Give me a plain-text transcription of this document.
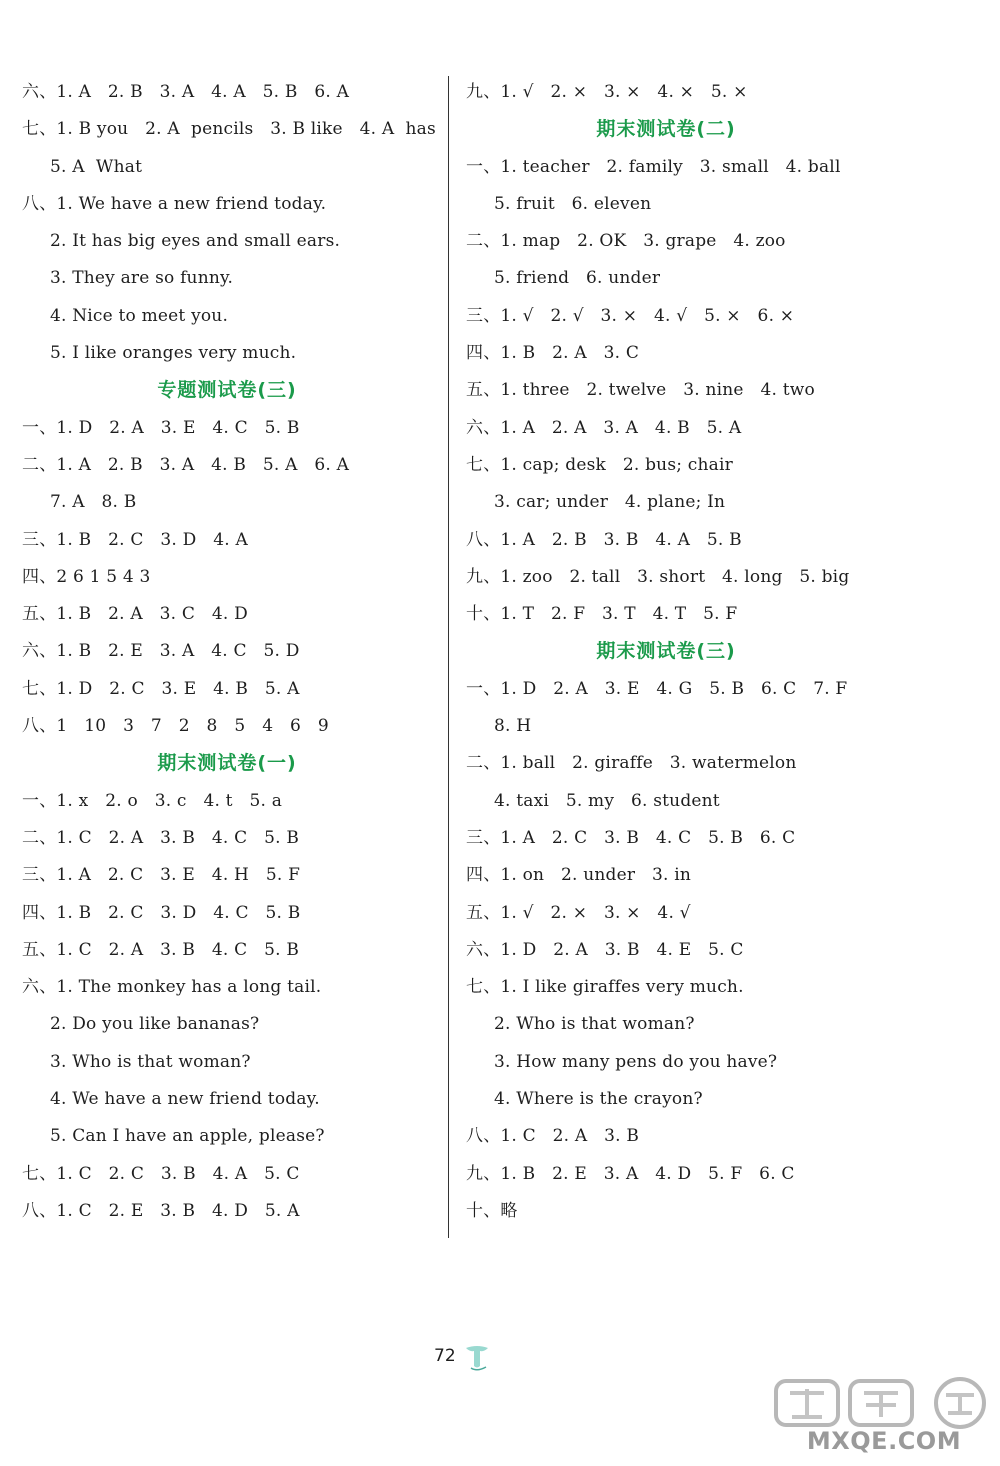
六、1. A   2. B   3. A   4. A   5. B   6. A
七、1. B you   2. A  pencils   3. B like   4. A  has
5. A  What
八、1. We have a new friend today.
2. It has big eyes and small ears.
3. They are so funny.
4. Nice to meet you.
5. I like oranges very much.
专题测试卷(三)
一、1. D   2. A   3. E   4. C   5. B
二、1. A   2. B   3. A   4. B   5. A   6. A
7. A   8. B
三、1. B   2. C   3. D   4. A
四、2 6 1 5 4 3
五、1. B   2. A   3. C   4. D
六、1. B   2. E   3. A   4. C   5. D
七、1. D   2. C   3. E   4. B   5. A
八、1   10   3   7   2   8   5   4   6   9
期末测试卷(一)
一、1. x   2. o   3. c   4. t   5. a
二、1. C   2. A   3. B   4. C   5. B
三、1. A   2. C   3. E   4. H   5. F
四、1. B   2. C   3. D   4. C   5. B
五、1. C   2. A   3. B   4. C   5. B
六、1. The monkey has a long tail.
2. Do you like bananas?
3. Who is that woman?
4. We have a new friend today.
5. Can I have an apple, please?
七、1. C   2. C   3. B   4. A   5. C
八、1. C   2. E   3. B   4. D   5. A
九、1. √   2. ×   3. ×   4. ×   5. ×
期末测试卷(二)
一、1. teacher   2. family   3. small   4. ball
5. fruit   6. eleven
二、1. map   2. OK   3. grape   4. zoo
5. friend   6. under
三、1. √   2. √   3. ×   4. √   5. ×   6. ×
四、1. B   2. A   3. C
五、1. three   2. twelve   3. nine   4. two
六、1. A   2. A   3. A   4. B   5. A
七、1. cap; desk   2. bus; chair
3. car; under   4. plane; In
八、1. A   2. B   3. B   4. A   5. B
九、1. zoo   2. tall   3. short   4. long   5. big
十、1. T   2. F   3. T   4. T   5. F
期末测试卷(三)
一、1. D   2. A   3. E   4. G   5. B   6. C   7. F
8. H
二、1. ball   2. giraffe   3. watermelon
4. taxi   5. my   6. student
三、1. A   2. C   3. B   4. C   5. B   6. C
四、1. on   2. under   3. in
五、1. √   2. ×   3. ×   4. √
六、1. D   2. A   3. B   4. E   5. C
七、1. I like giraffes very much.
2. Who is that woman?
3. How many pens do you have?
4. Where is the crayon?
八、1. C   2. A   3. B
九、1. B   2. E   3. A   4. D   5. F   6. C
十、略
72
MXQE.COM
